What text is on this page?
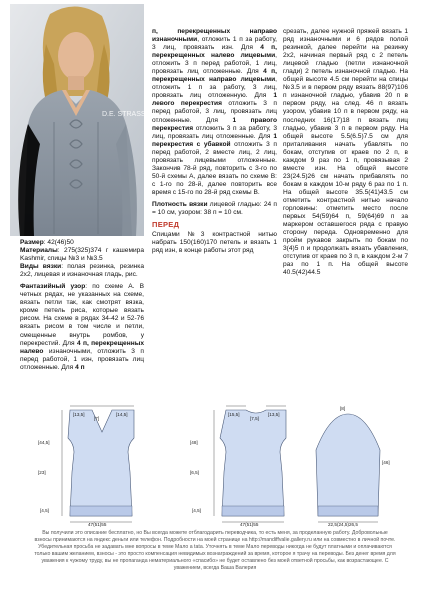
D.E. STRASSE

Размер: 42(46)50

Материалы: 275(325)374 г кашемира Kashmir, спицы №3 и №3.5

Виды вязки: полая резинка, резинка 2х2, лицевая и изнаночная гладь, рис.

Фантазийный узор: по схеме А. В четных рядах, не указанных на схеме, вязать петли так, как смотрят вязка, кроме петель риса, которые вязать рисом. На схеме в рядах 34-42 и 52-76 вязать рисом в том числе и петли, смещенные внутрь ромбов, у перекрестий. Для 4 п, перекрещенных налево изнаночными, отложить 3 п перед работой, 1 изн, провязать лиц отложенные. Для 4 п

п, перекрещенных направо изнаночными, отложить 1 п за работу, 3 лиц, провязать изн. Для 4 п, перекрещенных налево лицевыми, отложить 3 п перед работой, 1 лиц, провязать лиц отложенные. Для 4 п, перекрещенных направо лицевыми, отложить 1 п за работу, 3 лиц, провязать лиц отложенную. Для 1 левого перекрестия отложить 3 п перед работой, 3 лиц, провязать лиц отложенные. Для 1 правого перекрестия отложить 3 п за работу, 3 лиц, провязать лиц отложенные. Для 1 перекрестия с убавкой отложить 3 п перед работой, 2 вместе лиц, 2 лиц, провязать лицевыми отложенные. Закончив 78-й ряд, повторить с 3-го по 50-й схемы А, далее вязать по схеме В: с 1-го по 28-й, далее повторить все время с 15-го по 28-й ряд схемы В.

Плотность вязки лицевой гладью: 24 п = 10 см, узором: 38 п = 10 см.

ПЕРЕД

Спицами №3 контрастной нитью набрать 150(160)170 петель и вязать 1 ряд изн, в конце работы этот ряд

срезать, далее нужной пряжей вязать 1 ряд изнаночными и 6 рядов полой резинкой, далее перейти на резинку 2х2, начиная первый ряд с 2 петель лицевой гладью (петли изнаночной глади) 2 петель изнаночной гладью. На общей высоте 4.5 см перейти на спицы №3.5 и в первом ряду вязать 88(97)106 п изнаночной гладью, убавив 20 п в первом ряду, на след. 46 п вязать узором, убавив 10 п в первом ряду, на последних 16(17)18 п вязать лиц гладью, убавив 3 п в первом ряду. На общей высоте 5.5(6.5)7.5 см для приталивания начать убавлять по бокам, отступив от краев по 2 п, в каждом 9 раз по 1 п, провязывая 2 вместе изн. На общей высоте 23(24.5)26 см начать прибавлять по бокам в каждом 10-м ряду 6 раз по 1 п. На общей высоте 35.5(41)43.5 см отметить контрастной нитью начало горловины: отметить место после первых 54(59)64 п, 59(64)69 п за маркером оставшегося ряда с правую сторону переда. Одновременно для пройм рукавов закрыть по бокам по 3(4)5 п и продолжать вязать убавления, отступив от краев по 3 п, в каждом 2-м 7 раз по 1 п. На общей высоте 40.5(42)44.5

[13,5]
[7]
[14,5]
[44,5]
[23]
[4,5]
47(51)55
[15,5]
[7,5]
[13,5]
[48]
[6,5]
[4,5]
47(51)55
[8]
[46]
22,5(24,5)26,5
Вы получили это описание бесплатно, но Вы всегда можете отблагодарить переводчика, то есть меня, за проделанную работу. Добровольные взносы принимаются на яндекс деньги или телефон. Подробности на моей странице на http://mandiffvalie.gallery.ru или на совместно в личной почте. Убедительная просьба не задавать мне вопросы в теме Мало а tata. Уточнять в теме Мало переводы никогда не будут платными и оплачиваются только вашим желанием, взносы - это просто компенсация невидимых вознаграждений за время, которое я трачу на переводы. Без денег время для уважения к чужому труду, вы не пропаганда нематериального «спасибо» не будет оставлено без моей ответной просьбы, как возрастающее. С уважением, всегда Ваша Валерия
